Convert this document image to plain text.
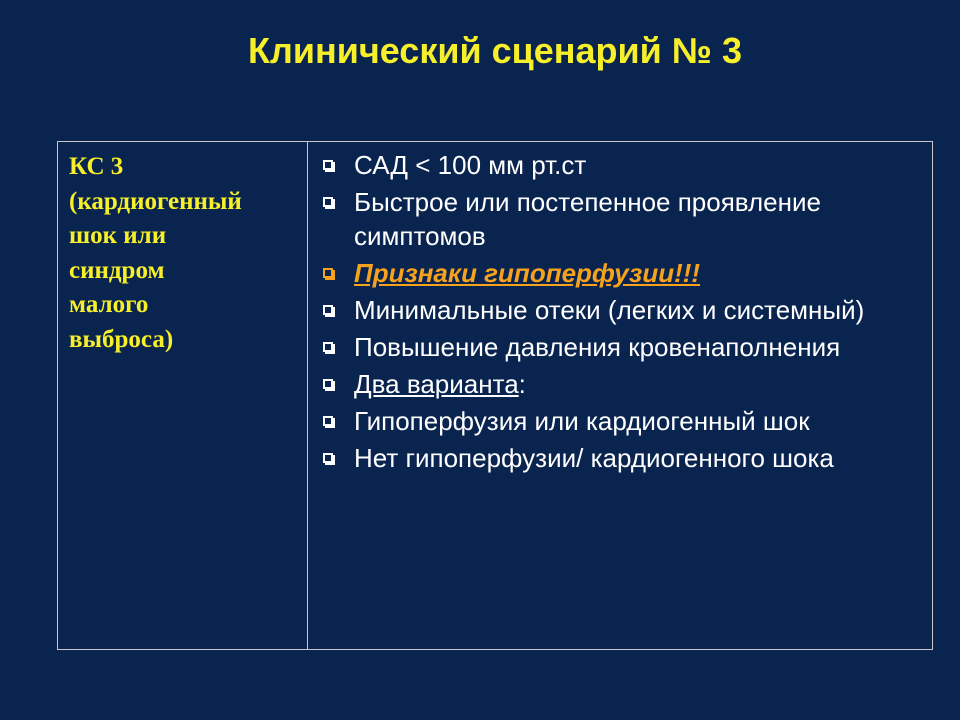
Клинический сценарий № 3
КС 3
(кардиогенный
шок или
синдром
малого
выброса)
САД < 100 мм рт.ст
Быстрое или постепенное проявление симптомов
Признаки гипоперфузии!!!
Минимальные отеки (легких и системный)
Повышение давления кровенаполнения
Два варианта:
Гипоперфузия или кардиогенный шок
Нет гипоперфузии/ кардиогенного шока
